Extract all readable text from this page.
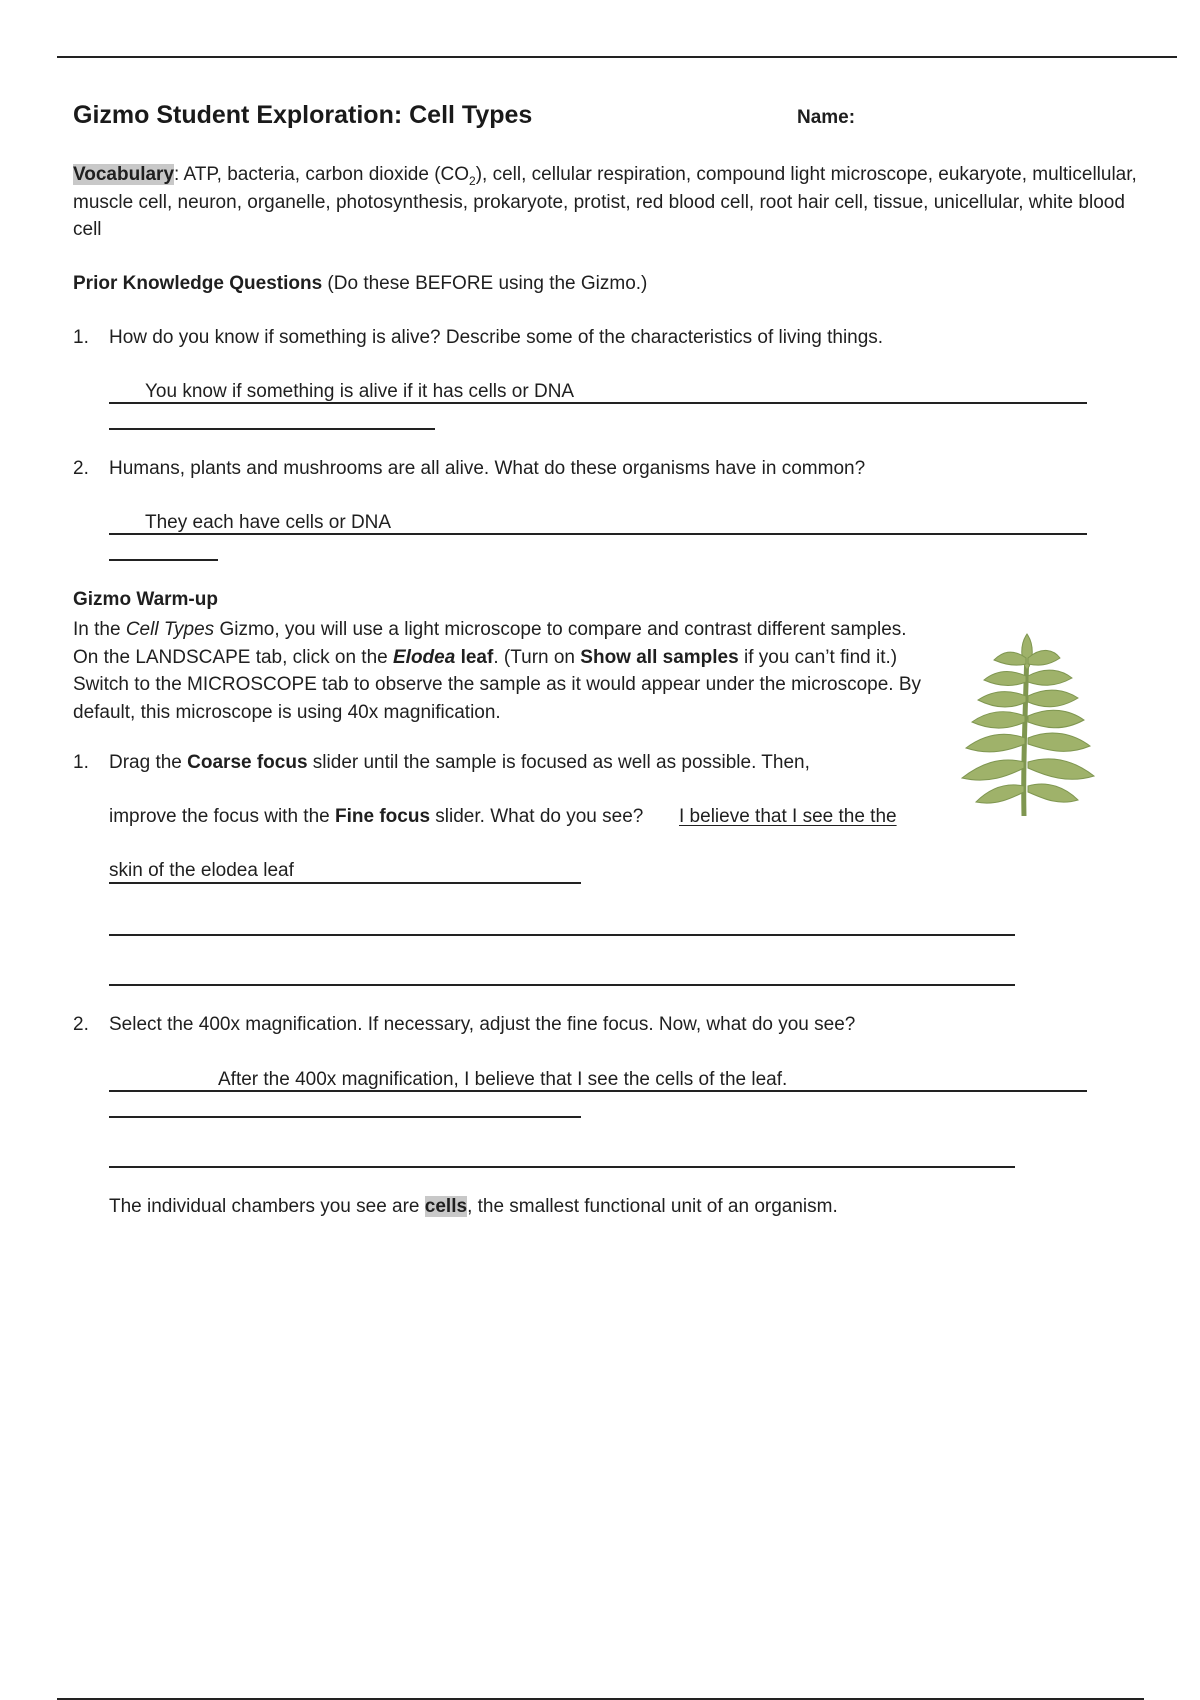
Gizmo Student Exploration: Cell Types	Name:
Vocabulary: ATP, bacteria, carbon dioxide $(CO_2)$, cell, cellular respiration, compound light microscope, eukaryote, multicellular, muscle cell, neuron, organelle, photosynthesis, prokaryote, protist, red blood cell, root hair cell, tissue, unicellular, white blood cell
Prior Knowledge Questions (Do these BEFORE using the Gizmo.)
1. How do you know if something is alive? Describe some of the characteristics of living things.
You know if something is alive if it has cells or DNA
2. Humans, plants and mushrooms are all alive. What do these organisms have in common?
They each have cells or DNA
Gizmo Warm-up
In the Cell Types Gizmo, you will use a light microscope to compare and contrast different samples. On the LANDSCAPE tab, click on the Elodea leaf. (Turn on Show all samples if you can’t find it.) Switch to the MICROSCOPE tab to observe the sample as it would appear under the microscope. By default, this microscope is using 40x magnification.
1. Drag the Coarse focus slider until the sample is focused as well as possible. Then,
improve the focus with the Fine focus slider. What do you see? I believe that I see the the
skin of the elodea leaf
2. Select the 400x magnification. If necessary, adjust the fine focus. Now, what do you see?
After the 400x magnification, I believe that I see the cells of the leaf.
The individual chambers you see are cells, the smallest functional unit of an organism.
